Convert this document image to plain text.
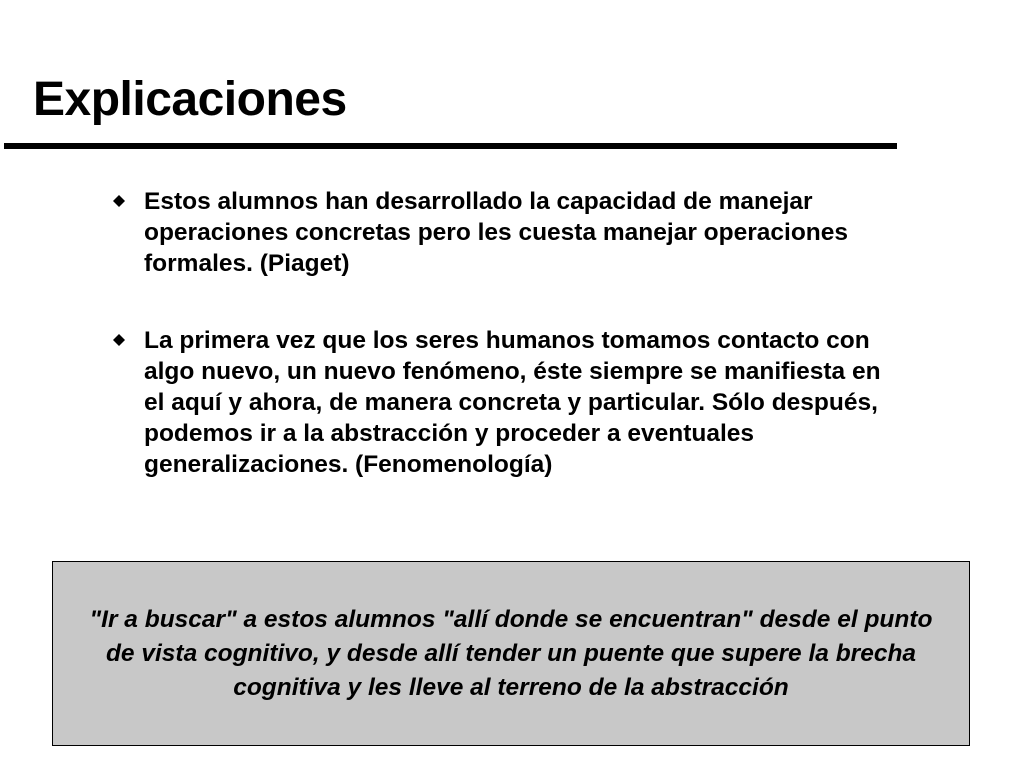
Explicaciones
Estos alumnos han desarrollado la capacidad de manejar operaciones concretas pero les cuesta manejar operaciones formales. (Piaget)
La primera vez que los seres humanos tomamos contacto con algo nuevo, un nuevo fenómeno, éste siempre se manifiesta en el aquí y ahora, de manera concreta y particular. Sólo después, podemos ir a la abstracción y proceder a eventuales generalizaciones. (Fenomenología)

"Ir a buscar" a estos alumnos "allí donde se encuentran" desde el punto de vista cognitivo, y desde allí tender un puente que supere la brecha cognitiva y les lleve al terreno de la abstracción
